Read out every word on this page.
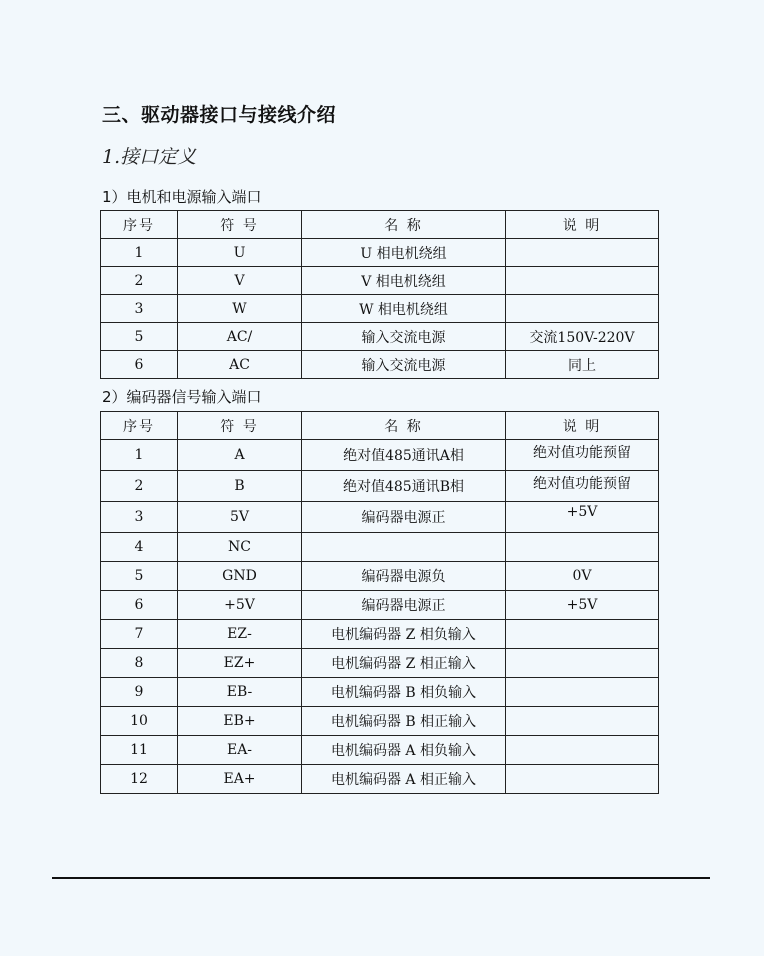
三、驱动器接口与接线介绍
1.接口定义
1）电机和电源输入端口
序号	符 号	名 称	说 明
1	U	U 相电机绕组	
2	V	V 相电机绕组	
3	W	W 相电机绕组	
5	AC/	输入交流电源	交流150V-220V
6	AC	输入交流电源	同上
2）编码器信号输入端口
序号	符 号	名 称	说 明
1	A	绝对值485通讯A相	绝对值功能预留
2	B	绝对值485通讯B相	绝对值功能预留
3	5V	编码器电源正	+5V
4	NC		
5	GND	编码器电源负	0V
6	+5V	编码器电源正	+5V
7	EZ-	电机编码器 Z 相负输入	
8	EZ+	电机编码器 Z 相正输入	
9	EB-	电机编码器 B 相负输入	
10	EB+	电机编码器 B 相正输入	
11	EA-	电机编码器 A 相负输入	
12	EA+	电机编码器 A 相正输入	
